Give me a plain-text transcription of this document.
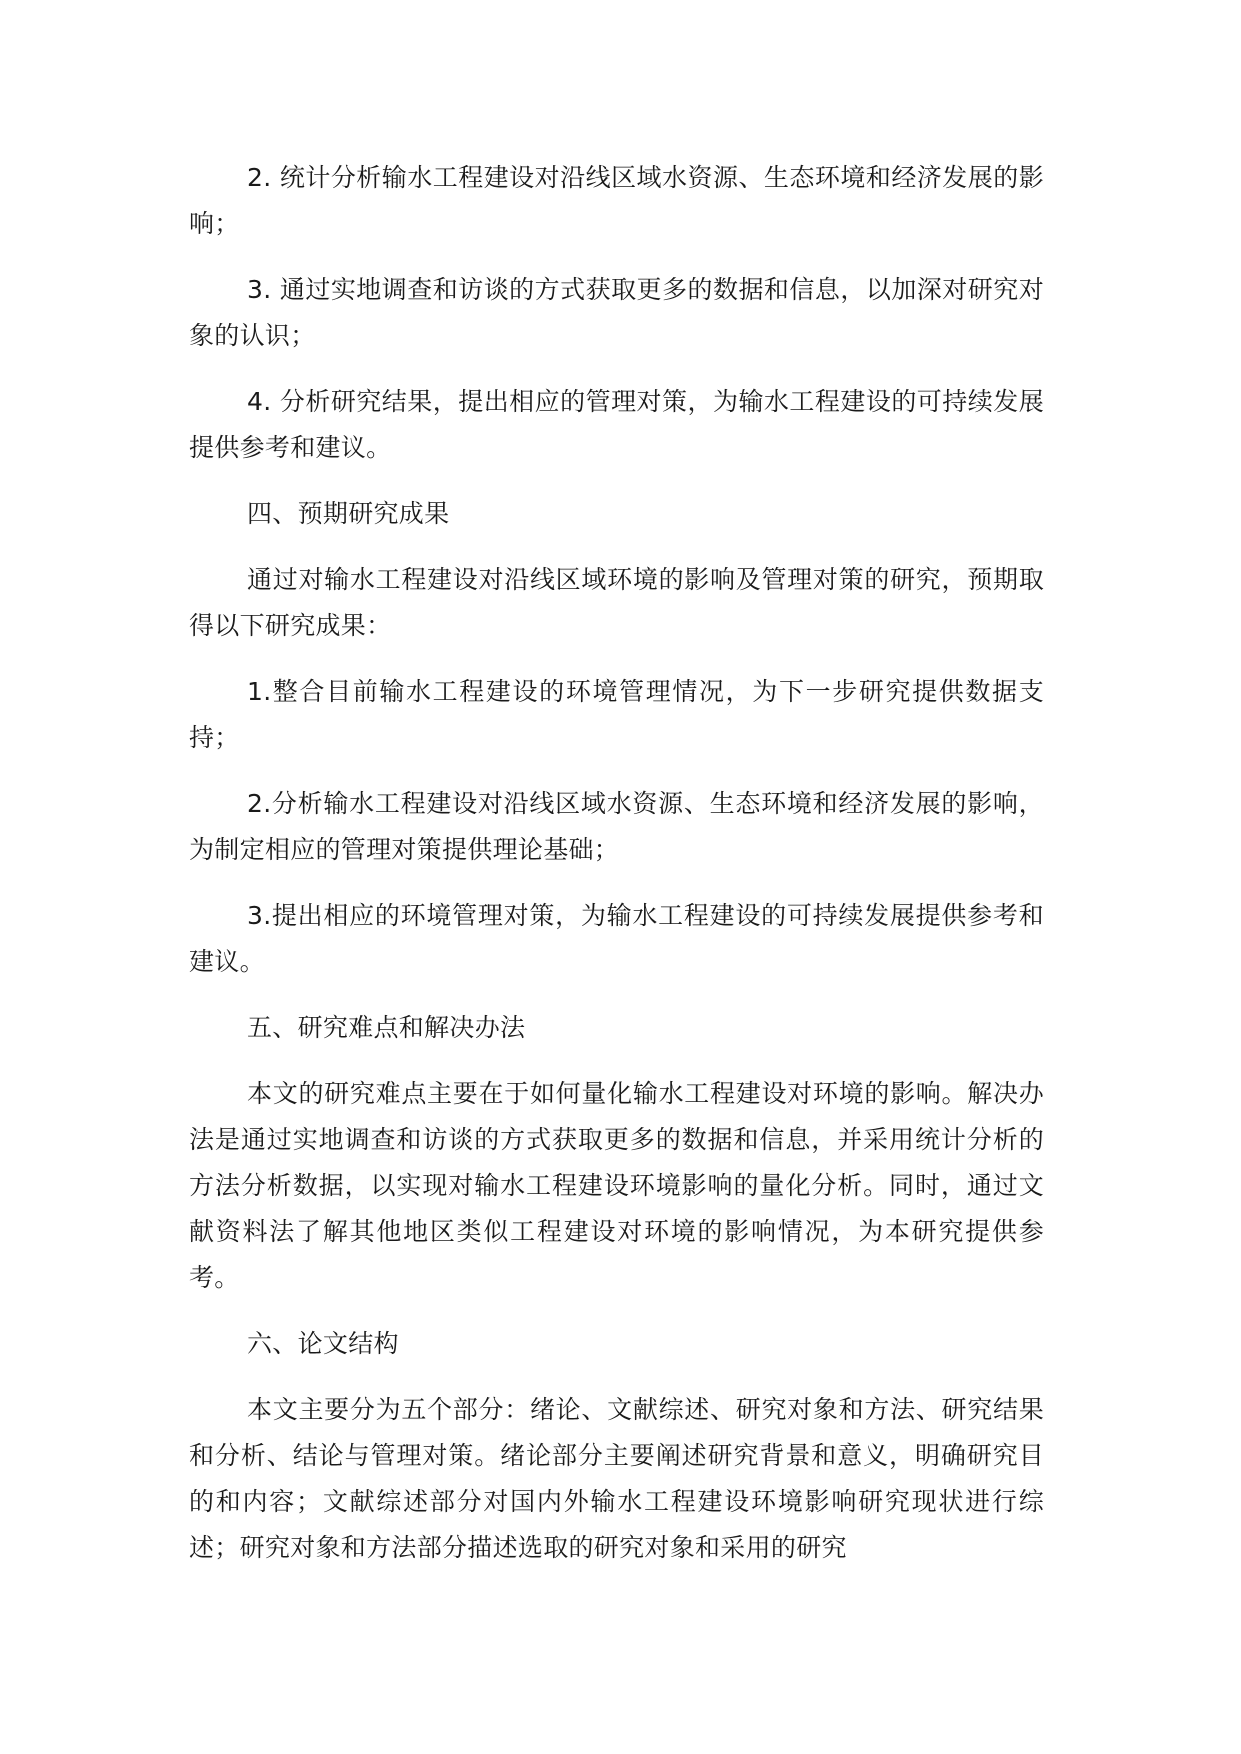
2. 统计分析输水工程建设对沿线区域水资源、生态环境和经济发展的影响；

3. 通过实地调查和访谈的方式获取更多的数据和信息，以加深对研究对象的认识；

4. 分析研究结果，提出相应的管理对策，为输水工程建设的可持续发展提供参考和建议。

四、预期研究成果

通过对输水工程建设对沿线区域环境的影响及管理对策的研究，预期取得以下研究成果：

1.整合目前输水工程建设的环境管理情况，为下一步研究提供数据支持；

2.分析输水工程建设对沿线区域水资源、生态环境和经济发展的影响，为制定相应的管理对策提供理论基础；

3.提出相应的环境管理对策，为输水工程建设的可持续发展提供参考和建议。

五、研究难点和解决办法

本文的研究难点主要在于如何量化输水工程建设对环境的影响。解决办法是通过实地调查和访谈的方式获取更多的数据和信息，并采用统计分析的方法分析数据，以实现对输水工程建设环境影响的量化分析。同时，通过文献资料法了解其他地区类似工程建设对环境的影响情况，为本研究提供参考。

六、论文结构

本文主要分为五个部分：绪论、文献综述、研究对象和方法、研究结果和分析、结论与管理对策。绪论部分主要阐述研究背景和意义，明确研究目的和内容；文献综述部分对国内外输水工程建设环境影响研究现状进行综述；研究对象和方法部分描述选取的研究对象和采用的研究
